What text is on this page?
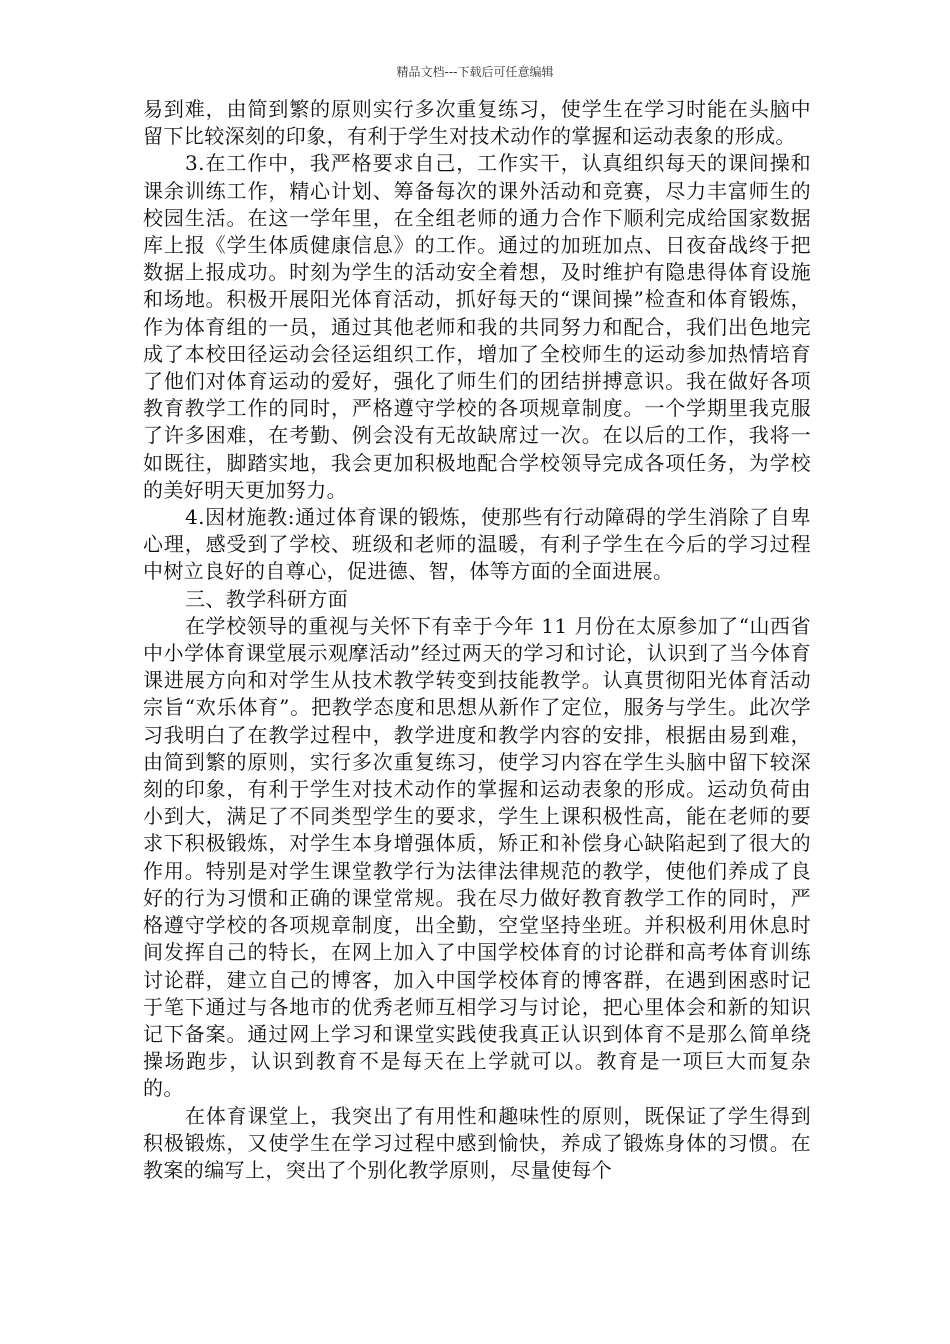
精品文档---下载后可任意编辑

易到难，由简到繁的原则实行多次重复练习，使学生在学习时能在头脑中留下比较深刻的印象，有利于学生对技术动作的掌握和运动表象的形成。

3.在工作中，我严格要求自己，工作实干，认真组织每天的课间操和课余训练工作，精心计划、筹备每次的课外活动和竞赛，尽力丰富师生的校园生活。在这一学年里，在全组老师的通力合作下顺利完成给国家数据库上报《学生体质健康信息》的工作。通过的加班加点、日夜奋战终于把数据上报成功。时刻为学生的活动安全着想，及时维护有隐患得体育设施和场地。积极开展阳光体育活动，抓好每天的“课间操”检查和体育锻炼，作为体育组的一员，通过其他老师和我的共同努力和配合，我们出色地完成了本校田径运动会径运组织工作，增加了全校师生的运动参加热情培育了他们对体育运动的爱好，强化了师生们的团结拼搏意识。我在做好各项教育教学工作的同时，严格遵守学校的各项规章制度。一个学期里我克服了许多困难，在考勤、例会没有无故缺席过一次。在以后的工作，我将一如既往，脚踏实地，我会更加积极地配合学校领导完成各项任务，为学校的美好明天更加努力。

4.因材施教:通过体育课的锻炼，使那些有行动障碍的学生消除了自卑心理，感受到了学校、班级和老师的温暖，有利子学生在今后的学习过程中树立良好的自尊心，促进德、智，体等方面的全面进展。

三、教学科研方面

在学校领导的重视与关怀下有幸于今年 11 月份在太原参加了“山西省中小学体育课堂展示观摩活动”经过两天的学习和讨论，认识到了当今体育课进展方向和对学生从技术教学转变到技能教学。认真贯彻阳光体育活动宗旨“欢乐体育”。把教学态度和思想从新作了定位，服务与学生。此次学习我明白了在教学过程中，教学进度和教学内容的安排，根据由易到难，由简到繁的原则，实行多次重复练习，使学习内容在学生头脑中留下较深刻的印象，有利于学生对技术动作的掌握和运动表象的形成。运动负荷由小到大，满足了不同类型学生的要求，学生上课积极性高，能在老师的要求下积极锻炼，对学生本身增强体质，矫正和补偿身心缺陷起到了很大的作用。特别是对学生课堂教学行为法律法律规范的教学，使他们养成了良好的行为习惯和正确的课堂常规。我在尽力做好教育教学工作的同时，严格遵守学校的各项规章制度，出全勤，空堂坚持坐班。并积极利用休息时间发挥自己的特长，在网上加入了中国学校体育的讨论群和高考体育训练讨论群，建立自己的博客，加入中国学校体育的博客群，在遇到困惑时记于笔下通过与各地市的优秀老师互相学习与讨论，把心里体会和新的知识记下备案。通过网上学习和课堂实践使我真正认识到体育不是那么简单绕操场跑步，认识到教育不是每天在上学就可以。教育是一项巨大而复杂的。

在体育课堂上，我突出了有用性和趣味性的原则，既保证了学生得到积极锻炼，又使学生在学习过程中感到愉快，养成了锻炼身体的习惯。在教案的编写上，突出了个别化教学原则，尽量使每个
